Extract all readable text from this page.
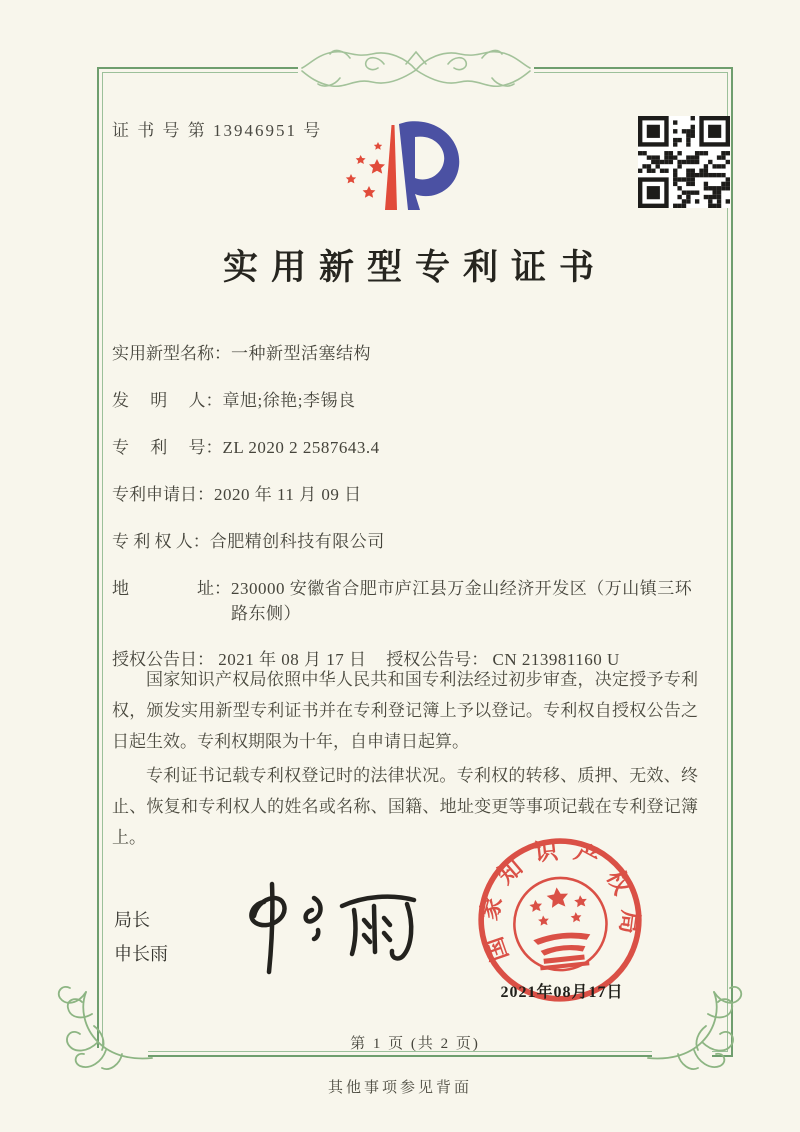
证 书 号 第 13946951 号
实用新型专利证书
实用新型名称： 一种新型活塞结构
发　 明　 人： 章旭;徐艳;李锡良
专　 利　 号： ZL 2020 2 2587643.4
专利申请日： 2020 年 11 月 09 日
专 利 权 人： 合肥精创科技有限公司
地　　　　址： 230000 安徽省合肥市庐江县万金山经济开发区（万山镇三环路东侧）
授权公告日： 2021 年 08 月 17 日 授权公告号： CN 213981160 U

国家知识产权局依照中华人民共和国专利法经过初步审查，决定授予专利权，颁发实用新型专利证书并在专利登记簿上予以登记。专利权自授权公告之日起生效。专利权期限为十年，自申请日起算。

专利证书记载专利权登记时的法律状况。专利权的转移、质押、无效、终止、恢复和专利权人的姓名或名称、国籍、地址变更等事项记载在专利登记簿上。

局长
申长雨	国家知识产权局
2021年08月17日
第 1 页 (共 2 页)
其他事项参见背面
